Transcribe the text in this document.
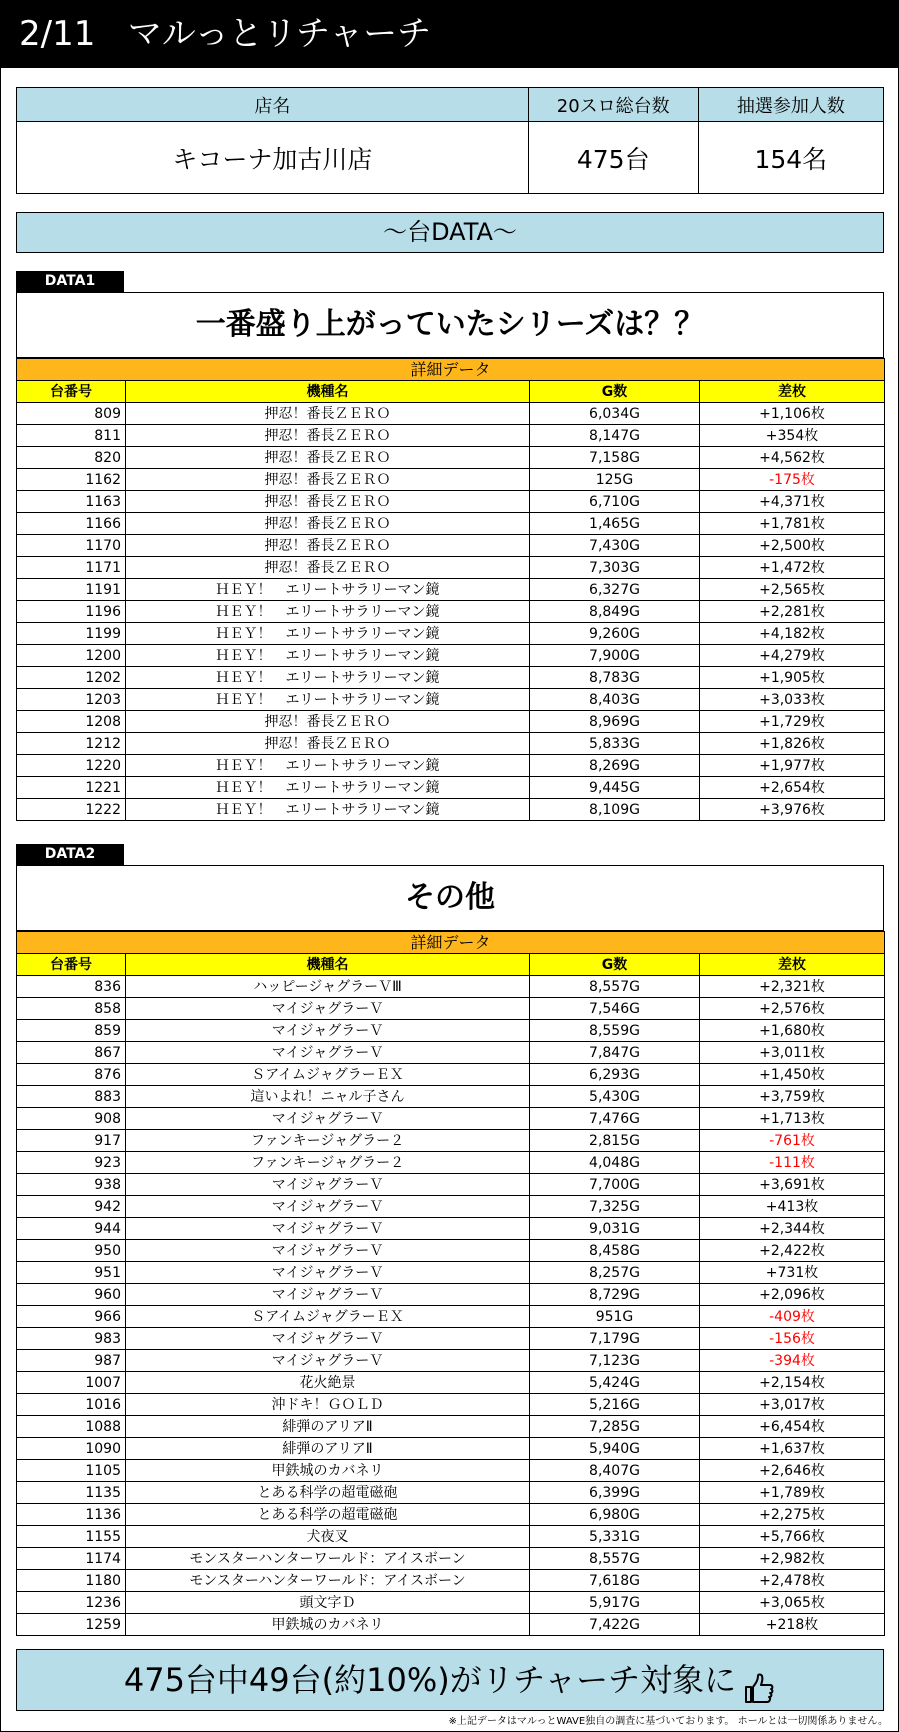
2/11 マルっとリチャーチ
店名	20スロ総台数	抽選参加人数
キコーナ加古川店	475台	154名
～台DATA～
DATA1
一番盛り上がっていたシリーズは？？
詳細データ			
台番号	機種名	G数	差枚
809	押忍！番長ＺＥＲＯ	6,034G	+1,106枚
811	押忍！番長ＺＥＲＯ	8,147G	+354枚
820	押忍！番長ＺＥＲＯ	7,158G	+4,562枚
1162	押忍！番長ＺＥＲＯ	125G	-175枚
1163	押忍！番長ＺＥＲＯ	6,710G	+4,371枚
1166	押忍！番長ＺＥＲＯ	1,465G	+1,781枚
1170	押忍！番長ＺＥＲＯ	7,430G	+2,500枚
1171	押忍！番長ＺＥＲＯ	7,303G	+1,472枚
1191	ＨＥＹ！　エリートサラリーマン鏡	6,327G	+2,565枚
1196	ＨＥＹ！　エリートサラリーマン鏡	8,849G	+2,281枚
1199	ＨＥＹ！　エリートサラリーマン鏡	9,260G	+4,182枚
1200	ＨＥＹ！　エリートサラリーマン鏡	7,900G	+4,279枚
1202	ＨＥＹ！　エリートサラリーマン鏡	8,783G	+1,905枚
1203	ＨＥＹ！　エリートサラリーマン鏡	8,403G	+3,033枚
1208	押忍！番長ＺＥＲＯ	8,969G	+1,729枚
1212	押忍！番長ＺＥＲＯ	5,833G	+1,826枚
1220	ＨＥＹ！　エリートサラリーマン鏡	8,269G	+1,977枚
1221	ＨＥＹ！　エリートサラリーマン鏡	9,445G	+2,654枚
1222	ＨＥＹ！　エリートサラリーマン鏡	8,109G	+3,976枚
DATA2
その他
詳細データ			
台番号	機種名	G数	差枚
836	ハッピージャグラーＶⅢ	8,557G	+2,321枚
858	マイジャグラーＶ	7,546G	+2,576枚
859	マイジャグラーＶ	8,559G	+1,680枚
867	マイジャグラーＶ	7,847G	+3,011枚
876	ＳアイムジャグラーＥＸ	6,293G	+1,450枚
883	這いよれ！ニャル子さん	5,430G	+3,759枚
908	マイジャグラーＶ	7,476G	+1,713枚
917	ファンキージャグラー２	2,815G	-761枚
923	ファンキージャグラー２	4,048G	-111枚
938	マイジャグラーＶ	7,700G	+3,691枚
942	マイジャグラーＶ	7,325G	+413枚
944	マイジャグラーＶ	9,031G	+2,344枚
950	マイジャグラーＶ	8,458G	+2,422枚
951	マイジャグラーＶ	8,257G	+731枚
960	マイジャグラーＶ	8,729G	+2,096枚
966	ＳアイムジャグラーＥＸ	951G	-409枚
983	マイジャグラーＶ	7,179G	-156枚
987	マイジャグラーＶ	7,123G	-394枚
1007	花火絶景	5,424G	+2,154枚
1016	沖ドキ！ＧＯＬＤ	5,216G	+3,017枚
1088	緋弾のアリアⅡ	7,285G	+6,454枚
1090	緋弾のアリアⅡ	5,940G	+1,637枚
1105	甲鉄城のカバネリ	8,407G	+2,646枚
1135	とある科学の超電磁砲	6,399G	+1,789枚
1136	とある科学の超電磁砲	6,980G	+2,275枚
1155	犬夜叉	5,331G	+5,766枚
1174	モンスターハンターワールド：アイスボーン	8,557G	+2,982枚
1180	モンスターハンターワールド：アイスボーン	7,618G	+2,478枚
1236	頭文字Ｄ	5,917G	+3,065枚
1259	甲鉄城のカバネリ	7,422G	+218枚
475台中49台(約10%)がリチャーチ対象に
※上記データはマルっとWAVE独自の調査に基づいております。 ホールとは一切関係ありません。
